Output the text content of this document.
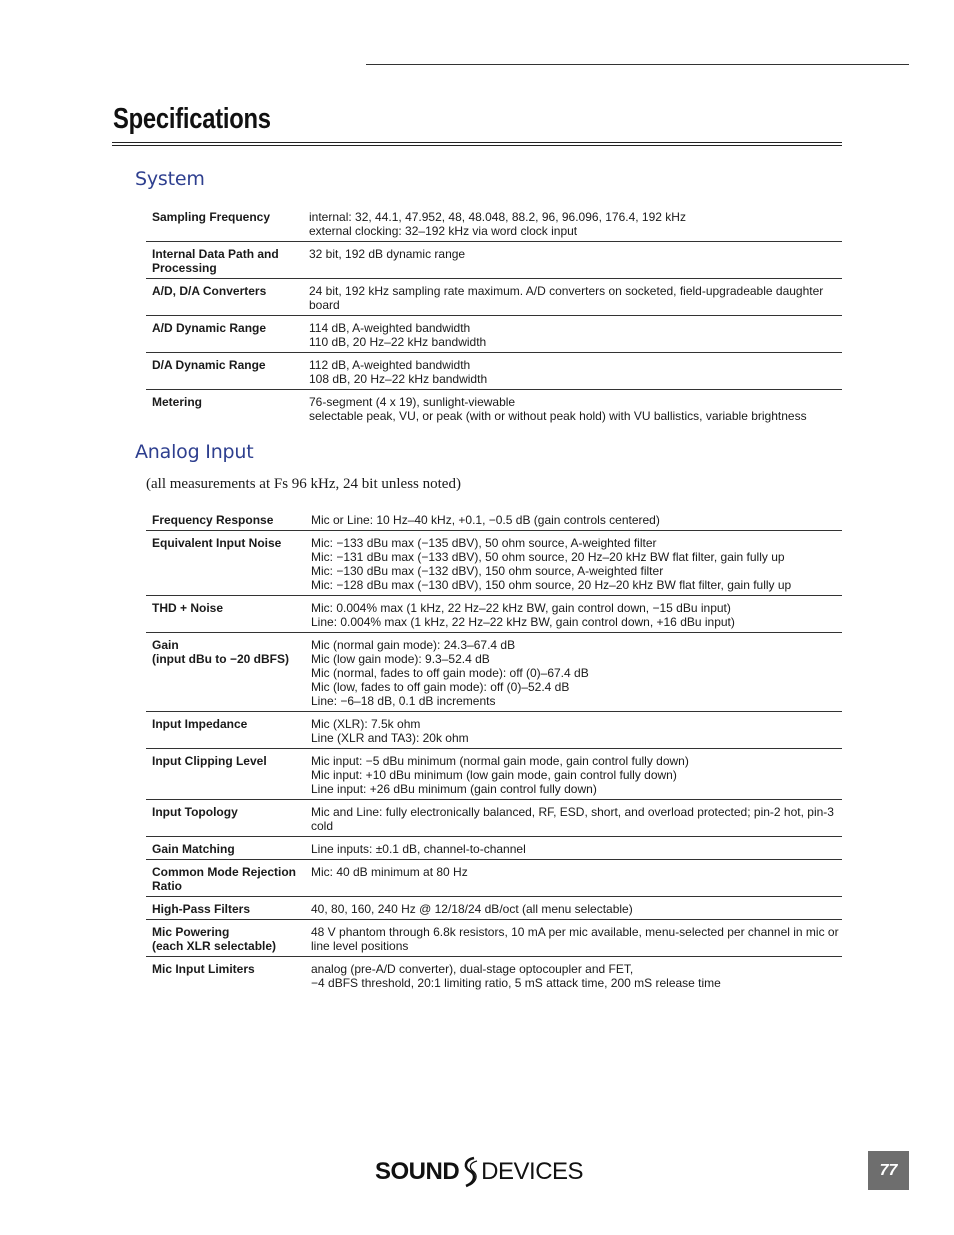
Specifications
System
Sampling Frequency	internal: 32, 44.1, 47.952, 48, 48.048, 88.2, 96, 96.096, 176.4, 192 kHz
external clocking: 32–192 kHz via word clock input

Internal Data Path and Processing	32 bit, 192 dB dynamic range

A/D, D/A Converters	24 bit, 192 kHz sampling rate maximum. A/D converters on socketed, field-upgradeable daughter board

A/D Dynamic Range	114 dB, A-weighted bandwidth
110 dB, 20 Hz–22 kHz bandwidth

D/A Dynamic Range	112 dB, A-weighted bandwidth
108 dB, 20 Hz–22 kHz bandwidth

Metering	76-segment (4 x 19), sunlight-viewable
selectable peak, VU, or peak (with or without peak hold) with VU ballistics, variable brightness
Analog Input

(all measurements at Fs 96 kHz, 24 bit unless noted)

Frequency Response	Mic or Line: 10 Hz–40 kHz, +0.1, −0.5 dB (gain controls centered)

Equivalent Input Noise	Mic: −133 dBu max (−135 dBV), 50 ohm source, A-weighted filter
Mic: −131 dBu max (−133 dBV), 50 ohm source, 20 Hz–20 kHz BW flat filter, gain fully up
Mic: −130 dBu max (−132 dBV), 150 ohm source, A-weighted filter
Mic: −128 dBu max (−130 dBV), 150 ohm source, 20 Hz–20 kHz BW flat filter, gain fully up

THD + Noise	Mic: 0.004% max (1 kHz, 22 Hz–22 kHz BW, gain control down, −15 dBu input)
Line: 0.004% max (1 kHz, 22 Hz–22 kHz BW, gain control down, +16 dBu input)

Gain
(input dBu to −20 dBFS)	Mic (normal gain mode): 24.3–67.4 dB
Mic (low gain mode): 9.3–52.4 dB
Mic (normal, fades to off gain mode): off (0)–67.4 dB
Mic (low, fades to off gain mode): off (0)–52.4 dB
Line: −6–18 dB, 0.1 dB increments

Input Impedance	Mic (XLR): 7.5k ohm
Line (XLR and TA3): 20k ohm

Input Clipping Level	Mic input: −5 dBu minimum (normal gain mode, gain control fully down)
Mic input: +10 dBu minimum (low gain mode, gain control fully down)
Line input: +26 dBu minimum (gain control fully down)

Input Topology	Mic and Line: fully electronically balanced, RF, ESD, short, and overload protected; pin-2 hot, pin-3 cold

Gain Matching	Line inputs: ±0.1 dB, channel-to-channel

Common Mode Rejection Ratio	Mic: 40 dB minimum at 80 Hz

High-Pass Filters	40, 80, 160, 240 Hz @ 12/18/24 dB/oct (all menu selectable)

Mic Powering
(each XLR selectable)	48 V phantom through 6.8k resistors, 10 mA per mic available, menu-selected per channel in mic or line level positions

Mic Input Limiters	analog (pre-A/D converter), dual-stage optocoupler and FET,
−4 dBFS threshold, 20:1 limiting ratio, 5 mS attack time, 200 mS release time
SOUND DEVICES	77
